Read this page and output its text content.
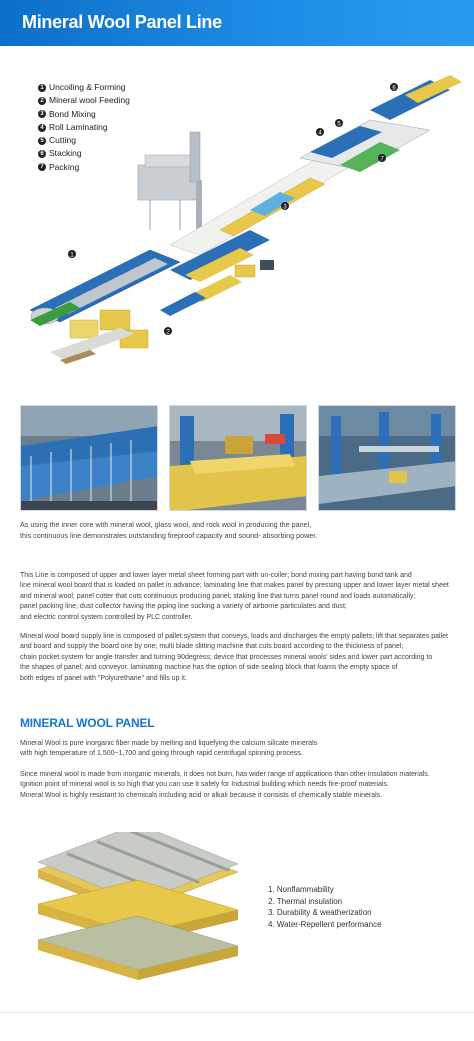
Mineral Wool Panel Line
1
2
3
4
5
6
7
1 Uncoiling & Forming
2 Mineral wool Feeding
3 Bond Mixing
4 Roll Laminating
5 Cutting
6 Stacking
7 Packing
As using the inner core with mineral wool, glass wool, and rock wool in producing the panel,
this continuous line demonstrates outstanding fireproof capacity and sound- absorbing power.
This Line is composed of upper and lower layer metal sheet forming part with un-coiler; bond mixing part having bond tank and
line mineral wool board that is loaded on pallet in advance; laminating line that makes panel by pressing upper and lower layer metal sheet
and mineral wool; panel cutter that cuts continuous producing panel; staking line that turns panel round and loads automatically;
panel packing line; dust collector having the piping line sucking a variety of airborne particulates and dust;
and electric control system controlled by PLC controller.
Mineral wool board supply line is composed of pallet system that conveys, loads and discharges the empty pallets; lift that separates pallet
and board and supply the board one by one; multi blade slitting machine that cuts board according to the thickness of panel;
chain pocket system for angle transfer and turning 90degress; device that processes mineral wools' sides and lower part according to
the shapes of panel; and conveyor. laminating machine has the option of side sealing block that foams the empty space of
both edges of panel with "Polyurethane" and fills up it.
MINERAL WOOL PANEL
Mineral Wool is pure inorganic fiber made by melting and liquefying the calcium silicate minerals
with high temperature of 1,500~1,700 and going through rapid centrifugal spinning process.
Since mineral wool is made from inorganic minerals, it does not burn, has wider range of applications than other insulation materials.
Ignition point of mineral wool is so high that you can use it safely for Industrial building which needs fire-proof materials.
Mineral Wool is highly resistant to chemicals including acid or alkali because it consists of chemically stable minerals.
1. Nonflammability
2. Thermal insulation
3. Durability & weatherization
4. Water-Repellent performance
